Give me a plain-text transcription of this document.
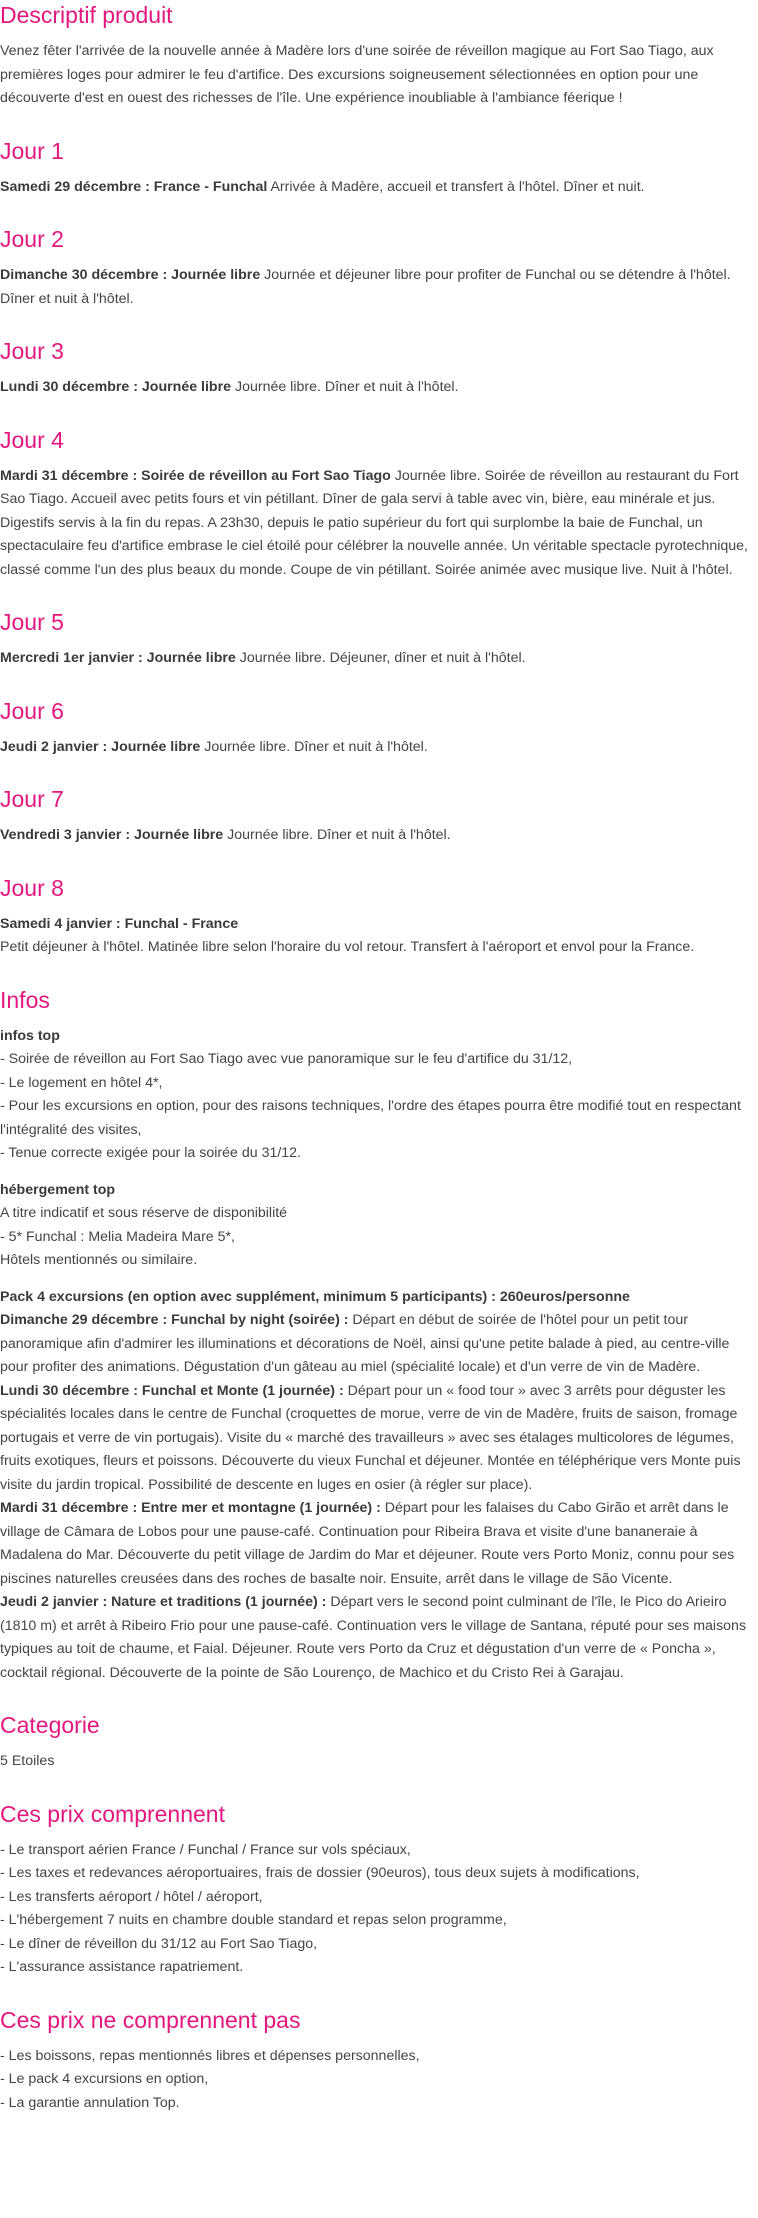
Descriptif produit

Venez fêter l'arrivée de la nouvelle année à Madère lors d'une soirée de réveillon magique au Fort Sao Tiago, aux premières loges pour admirer le feu d'artifice. Des excursions soigneusement sélectionnées en option pour une découverte d'est en ouest des richesses de l'île. Une expérience inoubliable à l'ambiance féerique !

Jour 1

Samedi 29 décembre : France - Funchal Arrivée à Madère, accueil et transfert à l'hôtel. Dîner et nuit.

Jour 2

Dimanche 30 décembre : Journée libre Journée et déjeuner libre pour profiter de Funchal ou se détendre à l'hôtel. Dîner et nuit à l'hôtel.

Jour 3

Lundi 30 décembre : Journée libre Journée libre. Dîner et nuit à l'hôtel.

Jour 4

Mardi 31 décembre : Soirée de réveillon au Fort Sao Tiago Journée libre. Soirée de réveillon au restaurant du Fort Sao Tiago. Accueil avec petits fours et vin pétillant. Dîner de gala servi à table avec vin, bière, eau minérale et jus. Digestifs servis à la fin du repas. A 23h30, depuis le patio supérieur du fort qui surplombe la baie de Funchal, un spectaculaire feu d'artifice embrase le ciel étoilé pour célébrer la nouvelle année. Un véritable spectacle pyrotechnique, classé comme l'un des plus beaux du monde. Coupe de vin pétillant. Soirée animée avec musique live. Nuit à l'hôtel.

Jour 5

Mercredi 1er janvier : Journée libre Journée libre. Déjeuner, dîner et nuit à l'hôtel.

Jour 6

Jeudi 2 janvier : Journée libre Journée libre. Dîner et nuit à l'hôtel.

Jour 7

Vendredi 3 janvier : Journée libre Journée libre. Dîner et nuit à l'hôtel.

Jour 8

Samedi 4 janvier : Funchal - France

Petit déjeuner à l'hôtel. Matinée libre selon l'horaire du vol retour. Transfert à l'aéroport et envol pour la France.

Infos

infos top

- Soirée de réveillon au Fort Sao Tiago avec vue panoramique sur le feu d'artifice du 31/12,
- Le logement en hôtel 4*,
- Pour les excursions en option, pour des raisons techniques, l'ordre des étapes pourra être modifié tout en respectant l'intégralité des visites,
- Tenue correcte exigée pour la soirée du 31/12.

hébergement top

A titre indicatif et sous réserve de disponibilité
- 5* Funchal : Melia Madeira Mare 5*,
Hôtels mentionnés ou similaire.

Pack 4 excursions (en option avec supplément, minimum 5 participants) : 260euros/personne

Dimanche 29 décembre : Funchal by night (soirée) : Départ en début de soirée de l'hôtel pour un petit tour panoramique afin d'admirer les illuminations et décorations de Noël, ainsi qu'une petite balade à pied, au centre-ville pour profiter des animations. Dégustation d'un gâteau au miel (spécialité locale) et d'un verre de vin de Madère.

Lundi 30 décembre : Funchal et Monte (1 journée) : Départ pour un « food tour » avec 3 arrêts pour déguster les spécialités locales dans le centre de Funchal (croquettes de morue, verre de vin de Madère, fruits de saison, fromage portugais et verre de vin portugais). Visite du « marché des travailleurs » avec ses étalages multicolores de légumes, fruits exotiques, fleurs et poissons. Découverte du vieux Funchal et déjeuner. Montée en téléphérique vers Monte puis visite du jardin tropical. Possibilité de descente en luges en osier (à régler sur place).

Mardi 31 décembre : Entre mer et montagne (1 journée) : Départ pour les falaises du Cabo Girão et arrêt dans le village de Câmara de Lobos pour une pause-café. Continuation pour Ribeira Brava et visite d'une bananeraie à Madalena do Mar. Découverte du petit village de Jardim do Mar et déjeuner. Route vers Porto Moniz, connu pour ses piscines naturelles creusées dans des roches de basalte noir. Ensuite, arrêt dans le village de São Vicente.

Jeudi 2 janvier : Nature et traditions (1 journée) : Départ vers le second point culminant de l'île, le Pico do Arieiro (1810 m) et arrêt à Ribeiro Frio pour une pause-café. Continuation vers le village de Santana, réputé pour ses maisons typiques au toit de chaume, et Faial. Déjeuner. Route vers Porto da Cruz et dégustation d'un verre de « Poncha », cocktail régional. Découverte de la pointe de São Lourenço, de Machico et du Cristo Rei à Garajau.

Categorie

5 Etoiles

Ces prix comprennent
- Le transport aérien France / Funchal / France sur vols spéciaux,
- Les taxes et redevances aéroportuaires, frais de dossier (90euros), tous deux sujets à modifications,
- Les transferts aéroport / hôtel / aéroport,
- L'hébergement 7 nuits en chambre double standard et repas selon programme,
- Le dîner de réveillon du 31/12 au Fort Sao Tiago,
- L'assurance assistance rapatriement.
Ces prix ne comprennent pas
- Les boissons, repas mentionnés libres et dépenses personnelles,
- Le pack 4 excursions en option,
- La garantie annulation Top.
